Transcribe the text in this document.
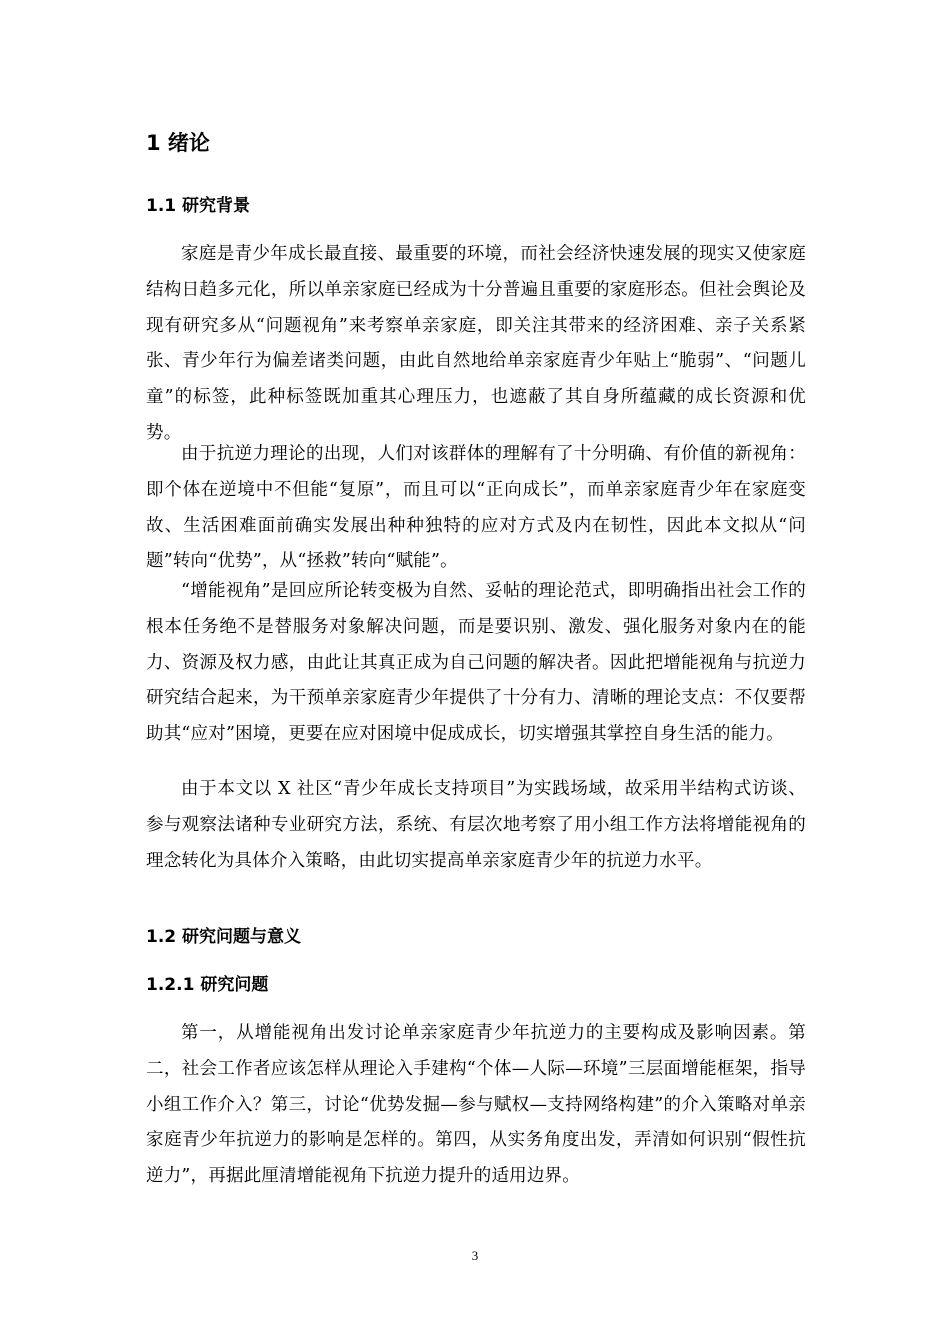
1 绪论
1.1 研究背景

家庭是青少年成长最直接、最重要的环境，而社会经济快速发展的现实又使家庭结构日趋多元化，所以单亲家庭已经成为十分普遍且重要的家庭形态。但社会舆论及现有研究多从“问题视角”来考察单亲家庭，即关注其带来的经济困难、亲子关系紧张、青少年行为偏差诸类问题，由此自然地给单亲家庭青少年贴上“脆弱”、“问题儿童”的标签，此种标签既加重其心理压力，也遮蔽了其自身所蕴藏的成长资源和优势。

由于抗逆力理论的出现，人们对该群体的理解有了十分明确、有价值的新视角：即个体在逆境中不但能“复原”，而且可以“正向成长”，而单亲家庭青少年在家庭变故、生活困难面前确实发展出种种独特的应对方式及内在韧性，因此本文拟从“问题”转向“优势”，从“拯救”转向“赋能”。

“增能视角”是回应所论转变极为自然、妥帖的理论范式，即明确指出社会工作的根本任务绝不是替服务对象解决问题，而是要识别、激发、强化服务对象内在的能力、资源及权力感，由此让其真正成为自己问题的解决者。因此把增能视角与抗逆力研究结合起来，为干预单亲家庭青少年提供了十分有力、清晰的理论支点：不仅要帮助其“应对”困境，更要在应对困境中促成成长，切实增强其掌控自身生活的能力。

由于本文以 X 社区“青少年成长支持项目”为实践场域，故采用半结构式访谈、参与观察法诸种专业研究方法，系统、有层次地考察了用小组工作方法将增能视角的理念转化为具体介入策略，由此切实提高单亲家庭青少年的抗逆力水平。

1.2 研究问题与意义
1.2.1 研究问题

第一，从增能视角出发讨论单亲家庭青少年抗逆力的主要构成及影响因素。第二，社会工作者应该怎样从理论入手建构“个体—人际—环境”三层面增能框架，指导小组工作介入？第三，讨论“优势发掘—参与赋权—支持网络构建”的介入策略对单亲家庭青少年抗逆力的影响是怎样的。第四，从实务角度出发，弄清如何识别“假性抗逆力”，再据此厘清增能视角下抗逆力提升的适用边界。

3
